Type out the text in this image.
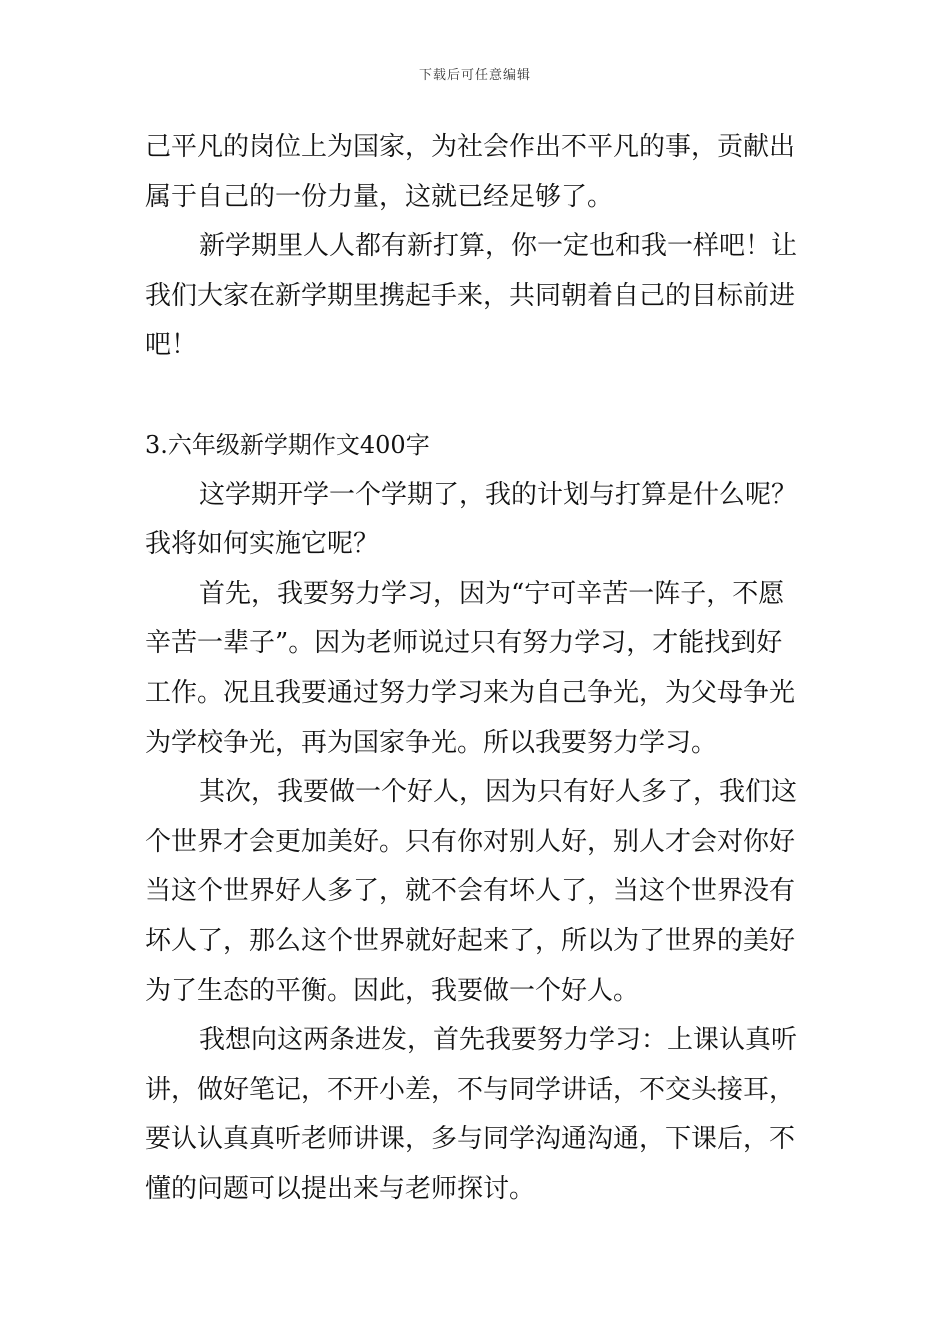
下载后可任意编辑
己平凡的岗位上为国家，为社会作出不平凡的事，贡献出
属于自己的一份力量，这就已经足够了。
新学期里人人都有新打算，你一定也和我一样吧！让
我们大家在新学期里携起手来，共同朝着自己的目标前进
吧！
3.六年级新学期作文400字
这学期开学一个学期了，我的计划与打算是什么呢？
我将如何实施它呢？
首先，我要努力学习，因为“宁可辛苦一阵子，不愿
辛苦一辈子”。因为老师说过只有努力学习，才能找到好
工作。况且我要通过努力学习来为自己争光，为父母争光
为学校争光，再为国家争光。所以我要努力学习。
其次，我要做一个好人，因为只有好人多了，我们这
个世界才会更加美好。只有你对别人好，别人才会对你好
当这个世界好人多了，就不会有坏人了，当这个世界没有
坏人了，那么这个世界就好起来了，所以为了世界的美好
为了生态的平衡。因此，我要做一个好人。
我想向这两条进发，首先我要努力学习：上课认真听
讲，做好笔记，不开小差，不与同学讲话，不交头接耳，
要认认真真听老师讲课，多与同学沟通沟通，下课后，不
懂的问题可以提出来与老师探讨。
